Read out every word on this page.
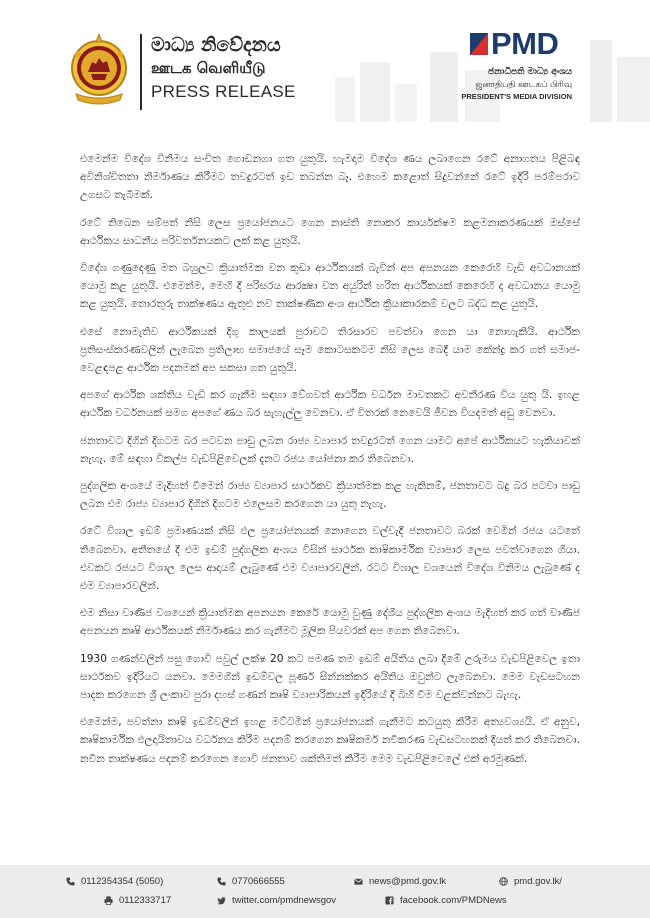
මාධ්‍ය නිවේදනය
ஊடக வெளியீடு
PRESS RELEASE
PMD
ජනාධිපති මාධ්‍ය අංශය
ஜனாதிபதி ஊடகப் பிரிவு
PRESIDENT'S MEDIA DIVISION

එමෙන්ම විදේශ විනිමය සංචිත ගොඩනගා ගත යුතුයි. හැමදාම විදේශ ණය ලබාගෙන රටේ අනාගතය පිළිබඳ අවිනිශ්චිතතා නිර්මාණය කිරීමට තවදුරටත් ඉඩ තබන්න බෑ. එහෙම කළොත් සිදුවන්නේ රටේ ඉදිරි පරම්පරාව උගසට තැබීමක්.

රටේ තිබෙන සම්පත් නිසි ලෙස ප්‍රයෝජනයට ගෙන නාස්ති නොකර කාර්යක්ෂම කළමනාකරණයක් ඔස්සේ ආර්ථිකය සාධනීය පරිවර්තනයකට ලක් කළ යුතුයි.

විදේශ ගණුදෙණු මත බහුලව ක්‍රියාත්මක වන කුඩා ආර්ථිකයක් බැවින් අප අපනයන කෙරෙහි වැඩි අවධානයක් යොමු කළ යුතුයි. එමෙන්ම, මෙහි දී පරිසරය ආරක්‍ෂා වන අයුරින් හරිත ආර්ථිකයක් කෙරෙහි ද අවධානය යොමු කළ යුතුයි. තොරතුරු තාක්ෂණය ඇතුළු නව තාක්ෂණික අංශ ආර්ථික ක්‍රියාකාරකම් වලට බද්ධ කළ යුතුයි.

එසේ නොමැතිව ආර්ථිකයක් දිගු කාලයක් පුරාවට තිරසාරව පවත්වා ගෙන යා නොහැකියි. ආර්ථික ප්‍රතිසංස්කරණවලින් ලැබෙන ප්‍රතිලාභ සමාජයේ සෑම කොටසකටම නිසි ලෙස බෙදී යාම කේන්ද්‍ර කර ගත් සමාජ-වෙළඳපළ ආර්ථික පදනමක් අප සකසා ගත යුතුයි.

අපගේ ආර්ථික ශක්තිය වැඩි කර ගැනීම සඳහා වේගවත් ආර්ථික වර්ධන මාවතකට අවතීරණ විය යුතු යි. ඉහළ ආර්ථික වර්ධනයක් සමග අපගේ ණය බර සැහැල්ලු වෙනවා. ඒ විතරක් නෙවෙයි ජීවන වියදමත් අඩු වෙනවා.

ජනතාවට දිගින් දිගටම බර පටවන පාඩු ලබන රාජ්‍ය ව්‍යාපාර තවදුරටත් ගෙන යාමට අපේ ආර්ථිකයට හැකියාවක් නැහැ. මේ සඳහා විකල්ප වැඩපිළිවෙලක් දැනට රජය යෝජනා කර තිබෙනවා.

පුද්ගලික අංශයේ මැදිහත් වීමෙන් රාජ්‍ය ව්‍යාපාර සාර්ථකව ක්‍රියාත්මක කළ හැකිනම්, ජනතාවට බදු බර පටවා පාඩු ලබන එම රාජ්‍ය ව්‍යාපාර දිගින් දිගටම එලෙසම කරගෙන යා යුතු නැහැ.

රටේ විශාල ඉඩම් ප්‍රමාණයක් නිසි ඵල ප්‍රයෝජනයක් නොගෙන වල්වැදී ජනතාවට බරක් වෙමින් රජය යටතේ තිබෙනවා. අතීතයේ දී එම ඉඩම් පුද්ගලික අංශය විසින් සාර්ථක කාෂිකාර්මික ව්‍යාපාර ලෙස පවත්වාගෙන ගියා. එවකට රජයට විශාල ලෙස ආදායම් ලැබුණේ එම ව්‍යාපාරවලින්. රටට විශාල වශයෙන් විදේශ විනිමය ලැබුණේ ද එම ව්‍යාපාරවලින්.

එම නිසා වාණිජ වශයෙන් ක්‍රියාත්මක අපනයන කෙරේ යොමු වුණු දේශීය පුද්ගලික අංශය මැදිහත් කර ගත් වාණිජ අපනයන කෘෂි ආර්ථිකයක් නිර්මාණය කර ගැනීමට මූලික පියවරක් අප ගෙන තිබෙනවා.

1930 ගණන්වලින් පසු ගොවි පවුල් ලක්ෂ 20 කට පමණ තම ඉඩම් අයිතිය ලබා දීමේ උරුමය වැඩපිළිවෙල ඉතා සාර්ථකව ඉදිරියට යනවා. මෙමගින් ඉඩම්වල පූර්ණ සින්නක්කර අයිතිය ඔවුන්ට ලැබෙනවා. මෙම වැඩසටහන පාදක කරගෙන ශ්‍රී ලංකාව පුරා දහස් ගණන් කෘෂි ව්‍යාපාරිකයන් ඉදිරියේ දී බිහි වීම වළක්වන්නට බැහැ.

එමෙන්ම, පවත්නා කෘෂි ඉඩම්වලින් ඉහළ මට්ටමින් ප්‍රයෝජනයක් ගැනීමට කටයුතු කිරීම අත්‍යවශ්‍යයි. ඒ අනුව, කෘෂිකාර්මික ඵලදායිතාවය වර්ධනය කිරීම පදනම් කරගෙන කෘෂිකර්ම නවීකරණ වැඩසටහනක් දියත් කර තිබෙනවා. නවීන තාක්ෂණය පදනම් කරගෙන ගොවි ජනතාව ශක්තිමත් කිරීම මෙම වැඩපිළිවෙලේ එක් අරමුණක්.

0112354354 (5050)	0770666555	news@pmd.gov.lk	pmd.gov.lk/
0112333717	twitter.com/pmdnewsgov	facebook.com/PMDNews
